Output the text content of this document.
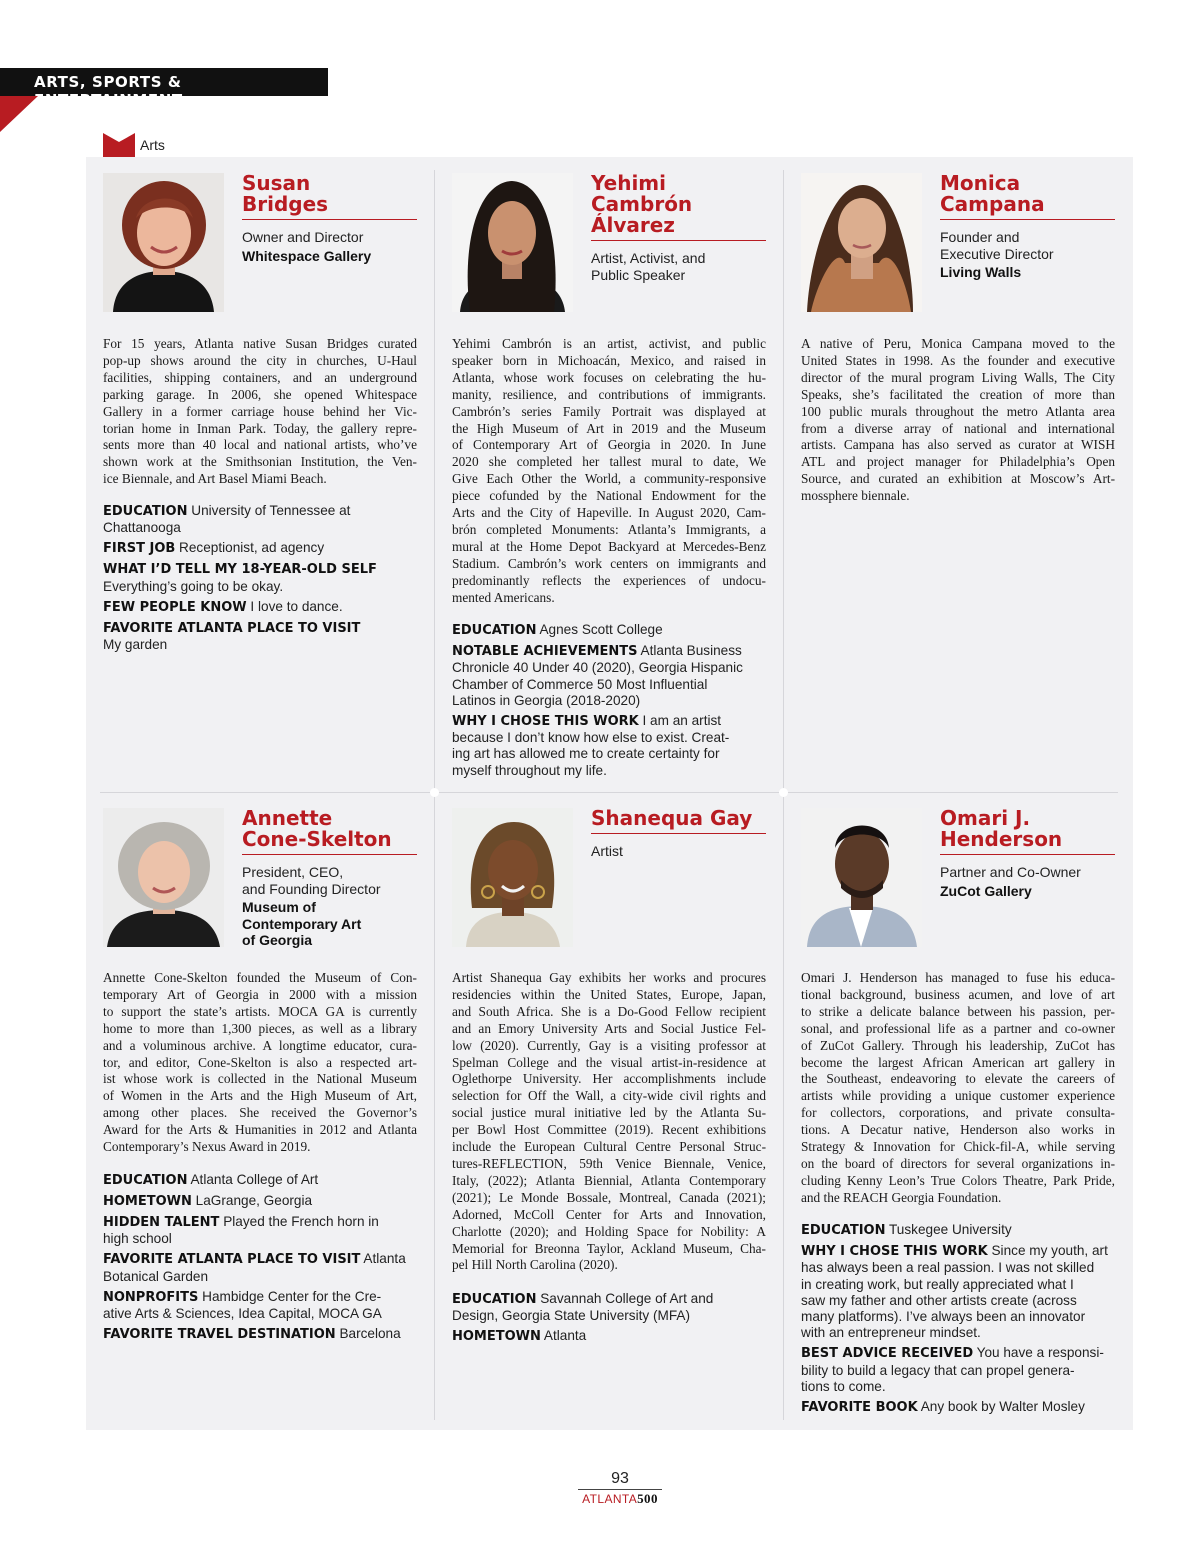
ARTS, SPORTS & ENTERTAINMENT
Arts
Susan
Bridges
Owner and Director
Whitespace Gallery
For 15 years, Atlanta native Susan Bridges curated
pop-up shows around the city in churches, U-Haul
facilities, shipping containers, and an underground
parking garage. In 2006, she opened Whitespace
Gallery in a former carriage house behind her Vic-
torian home in Inman Park. Today, the gallery repre-
sents more than 40 local and national artists, who’ve
shown work at the Smithsonian Institution, the Ven-
ice Biennale, and Art Basel Miami Beach.
EDUCATION University of Tennessee at
Chattanooga
FIRST JOB Receptionist, ad agency
WHAT I’D TELL MY 18-YEAR-OLD SELF
Everything’s going to be okay.
FEW PEOPLE KNOW I love to dance.
FAVORITE ATLANTA PLACE TO VISIT
My garden
Yehimi
Cambrón
Álvarez
Artist, Activist, and
Public Speaker
Yehimi Cambrón is an artist, activist, and public
speaker born in Michoacán, Mexico, and raised in
Atlanta, whose work focuses on celebrating the hu-
manity, resilience, and contributions of immigrants.
Cambrón’s series Family Portrait was displayed at
the High Museum of Art in 2019 and the Museum
of Contemporary Art of Georgia in 2020. In June
2020 she completed her tallest mural to date, We
Give Each Other the World, a community-responsive
piece cofunded by the National Endowment for the
Arts and the City of Hapeville. In August 2020, Cam-
brón completed Monuments: Atlanta’s Immigrants, a
mural at the Home Depot Backyard at Mercedes-Benz
Stadium. Cambrón’s work centers on immigrants and
predominantly reflects the experiences of undocu-
mented Americans.
EDUCATION Agnes Scott College
NOTABLE ACHIEVEMENTS Atlanta Business
Chronicle 40 Under 40 (2020), Georgia Hispanic
Chamber of Commerce 50 Most Influential
Latinos in Georgia (2018-2020)
WHY I CHOSE THIS WORK I am an artist
because I don’t know how else to exist. Creat-
ing art has allowed me to create certainty for
myself throughout my life.
Monica
Campana
Founder and
Executive Director
Living Walls
A native of Peru, Monica Campana moved to the
United States in 1998. As the founder and executive
director of the mural program Living Walls, The City
Speaks, she’s facilitated the creation of more than
100 public murals throughout the metro Atlanta area
from a diverse array of national and international
artists. Campana has also served as curator at WISH
ATL and project manager for Philadelphia’s Open
Source, and curated an exhibition at Moscow’s Art-
mossphere biennale.
Annette
Cone-Skelton
President, CEO,
and Founding Director
Museum of
Contemporary Art
of Georgia
Annette Cone-Skelton founded the Museum of Con-
temporary Art of Georgia in 2000 with a mission
to support the state’s artists. MOCA GA is currently
home to more than 1,300 pieces, as well as a library
and a voluminous archive. A longtime educator, cura-
tor, and editor, Cone-Skelton is also a respected art-
ist whose work is collected in the National Museum
of Women in the Arts and the High Museum of Art,
among other places. She received the Governor’s
Award for the Arts & Humanities in 2012 and Atlanta
Contemporary’s Nexus Award in 2019.
EDUCATION Atlanta College of Art
HOMETOWN LaGrange, Georgia
HIDDEN TALENT Played the French horn in
high school
FAVORITE ATLANTA PLACE TO VISIT Atlanta
Botanical Garden
NONPROFITS Hambidge Center for the Cre-
ative Arts & Sciences, Idea Capital, MOCA GA
FAVORITE TRAVEL DESTINATION Barcelona
Shanequa Gay
Artist
Artist Shanequa Gay exhibits her works and procures
residencies within the United States, Europe, Japan,
and South Africa. She is a Do-Good Fellow recipient
and an Emory University Arts and Social Justice Fel-
low (2020). Currently, Gay is a visiting professor at
Spelman College and the visual artist-in-residence at
Oglethorpe University. Her accomplishments include
selection for Off the Wall, a city-wide civil rights and
social justice mural initiative led by the Atlanta Su-
per Bowl Host Committee (2019). Recent exhibitions
include the European Cultural Centre Personal Struc-
tures-REFLECTION, 59th Venice Biennale, Venice,
Italy, (2022); Atlanta Biennial, Atlanta Contemporary
(2021); Le Monde Bossale, Montreal, Canada (2021);
Adorned, McColl Center for Arts and Innovation,
Charlotte (2020); and Holding Space for Nobility: A
Memorial for Breonna Taylor, Ackland Museum, Cha-
pel Hill North Carolina (2020).
EDUCATION Savannah College of Art and
Design, Georgia State University (MFA)
HOMETOWN Atlanta
Omari J.
Henderson
Partner and Co-Owner
ZuCot Gallery
Omari J. Henderson has managed to fuse his educa-
tional background, business acumen, and love of art
to strike a delicate balance between his passion, per-
sonal, and professional life as a partner and co-owner
of ZuCot Gallery. Through his leadership, ZuCot has
become the largest African American art gallery in
the Southeast, endeavoring to elevate the careers of
artists while providing a unique customer experience
for collectors, corporations, and private consulta-
tions. A Decatur native, Henderson also works in
Strategy & Innovation for Chick-fil-A, while serving
on the board of directors for several organizations in-
cluding Kenny Leon’s True Colors Theatre, Park Pride,
and the REACH Georgia Foundation.
EDUCATION Tuskegee University
WHY I CHOSE THIS WORK Since my youth, art
has always been a real passion. I was not skilled
in creating work, but really appreciated what I
saw my father and other artists create (across
many platforms). I’ve always been an innovator
with an entrepreneur mindset.
BEST ADVICE RECEIVED You have a responsi-
bility to build a legacy that can propel genera-
tions to come.
FAVORITE BOOK Any book by Walter Mosley
93
ATLANTA500
